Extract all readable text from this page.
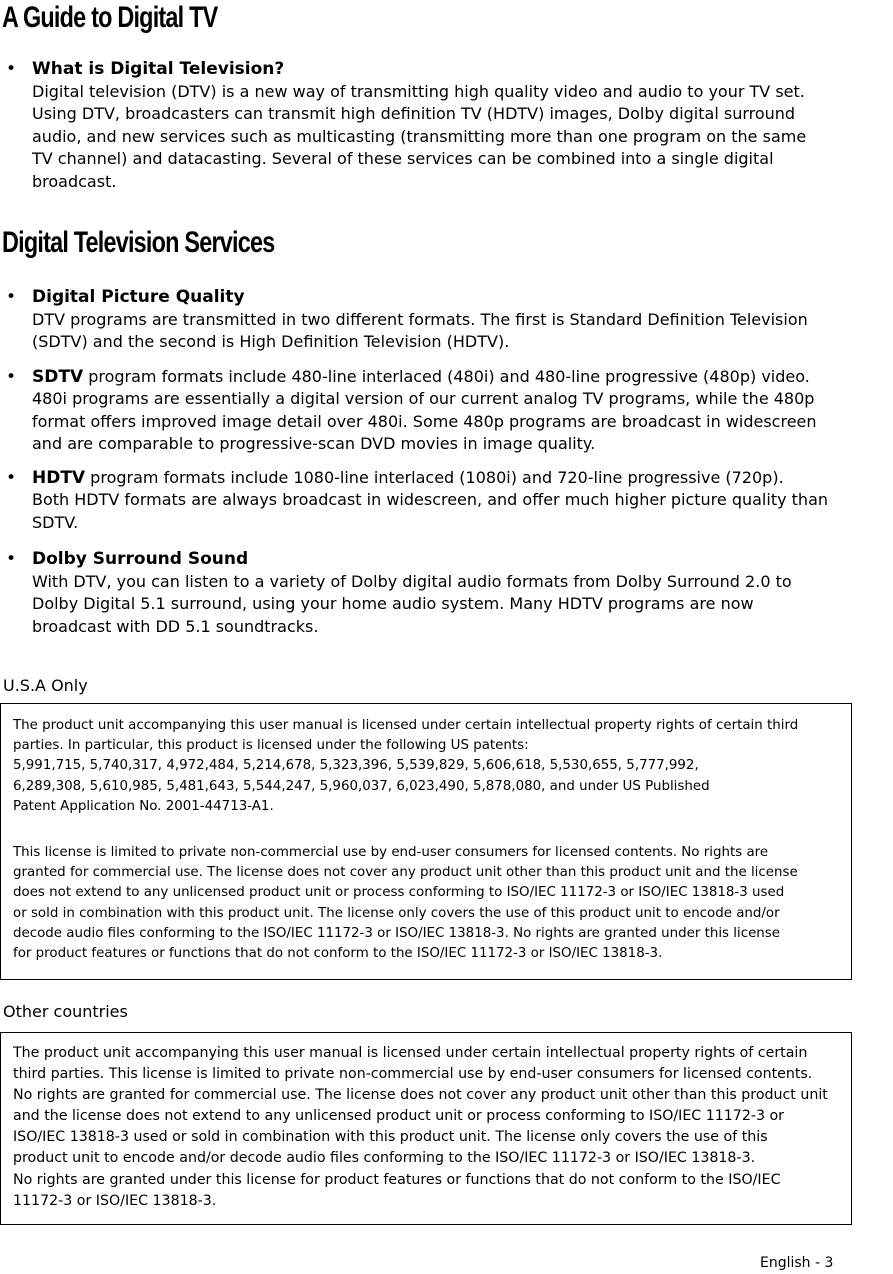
A Guide to Digital TV
• What is Digital Television?

Digital television (DTV) is a new way of transmitting high quality video and audio to your TV set.
Using DTV, broadcasters can transmit high definition TV (HDTV) images, Dolby digital surround
audio, and new services such as multicasting (transmitting more than one program on the same
TV channel) and datacasting. Several of these services can be combined into a single digital
broadcast.

Digital Television Services
• Digital Picture Quality

DTV programs are transmitted in two different formats. The first is Standard Definition Television
(SDTV) and the second is High Definition Television (HDTV).

• SDTV program formats include 480-line interlaced (480i) and 480-line progressive (480p) video.
480i programs are essentially a digital version of our current analog TV programs, while the 480p
format offers improved image detail over 480i. Some 480p programs are broadcast in widescreen
and are comparable to progressive-scan DVD movies in image quality.

• HDTV program formats include 1080-line interlaced (1080i) and 720-line progressive (720p).
Both HDTV formats are always broadcast in widescreen, and offer much higher picture quality than
SDTV.

• Dolby Surround Sound

With DTV, you can listen to a variety of Dolby digital audio formats from Dolby Surround 2.0 to
Dolby Digital 5.1 surround, using your home audio system. Many HDTV programs are now
broadcast with DD 5.1 soundtracks.

U.S.A Only

The product unit accompanying this user manual is licensed under certain intellectual property rights of certain third
parties. In particular, this product is licensed under the following US patents:
5,991,715, 5,740,317, 4,972,484, 5,214,678, 5,323,396, 5,539,829, 5,606,618, 5,530,655, 5,777,992,
6,289,308, 5,610,985, 5,481,643, 5,544,247, 5,960,037, 6,023,490, 5,878,080, and under US Published
Patent Application No. 2001-44713-A1.

This license is limited to private non-commercial use by end-user consumers for licensed contents. No rights are
granted for commercial use. The license does not cover any product unit other than this product unit and the license
does not extend to any unlicensed product unit or process conforming to ISO/IEC 11172-3 or ISO/IEC 13818-3 used
or sold in combination with this product unit. The license only covers the use of this product unit to encode and/or
decode audio files conforming to the ISO/IEC 11172-3 or ISO/IEC 13818-3. No rights are granted under this license
for product features or functions that do not conform to the ISO/IEC 11172-3 or ISO/IEC 13818-3.

Other countries

The product unit accompanying this user manual is licensed under certain intellectual property rights of certain
third parties. This license is limited to private non-commercial use by end-user consumers for licensed contents.
No rights are granted for commercial use. The license does not cover any product unit other than this product unit
and the license does not extend to any unlicensed product unit or process conforming to ISO/IEC 11172-3 or
ISO/IEC 13818-3 used or sold in combination with this product unit. The license only covers the use of this
product unit to encode and/or decode audio files conforming to the ISO/IEC 11172-3 or ISO/IEC 13818-3.
No rights are granted under this license for product features or functions that do not conform to the ISO/IEC
11172-3 or ISO/IEC 13818-3.

English - 3
